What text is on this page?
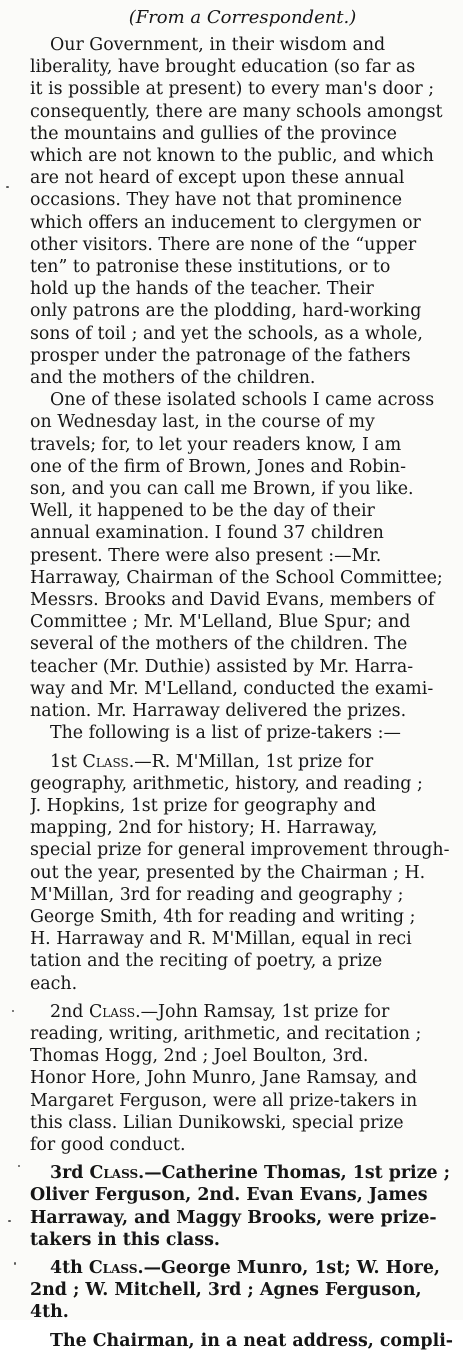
(From a Correspondent.)
Our Government, in their wisdom and
liberality, have brought education (so far as
it is possible at present) to every man's door ;
consequently, there are many schools amongst
the mountains and gullies of the province
which are not known to the public, and which
are not heard of except upon these annual
occasions. They have not that prominence
which offers an inducement to clergymen or
other visitors. There are none of the “upper
ten” to patronise these institutions, or to
hold up the hands of the teacher. Their
only patrons are the plodding, hard-working
sons of toil ; and yet the schools, as a whole,
prosper under the patronage of the fathers
and the mothers of the children.
One of these isolated schools I came across
on Wednesday last, in the course of my
travels; for, to let your readers know, I am
one of the firm of Brown, Jones and Robin-
son, and you can call me Brown, if you like.
Well, it happened to be the day of their
annual examination. I found 37 children
present. There were also present :—Mr.
Harraway, Chairman of the School Committee;
Messrs. Brooks and David Evans, members of
Committee ; Mr. M'Lelland, Blue Spur; and
several of the mothers of the children. The
teacher (Mr. Duthie) assisted by Mr. Harra-
way and Mr. M'Lelland, conducted the exami-
nation. Mr. Harraway delivered the prizes.
The following is a list of prize-takers :—
1st Class.—R. M'Millan, 1st prize for
geography, arithmetic, history, and reading ;
J. Hopkins, 1st prize for geography and
mapping, 2nd for history; H. Harraway,
special prize for general improvement through-
out the year, presented by the Chairman ; H.
M'Millan, 3rd for reading and geography ;
George Smith, 4th for reading and writing ;
H. Harraway and R. M'Millan, equal in reci
tation and the reciting of poetry, a prize
each.
2nd Class.—John Ramsay, 1st prize for
reading, writing, arithmetic, and recitation ;
Thomas Hogg, 2nd ; Joel Boulton, 3rd.
Honor Hore, John Munro, Jane Ramsay, and
Margaret Ferguson, were all prize-takers in
this class. Lilian Dunikowski, special prize
for good conduct.
3rd Class.—Catherine Thomas, 1st prize ;
Oliver Ferguson, 2nd. Evan Evans, James
Harraway, and Maggy Brooks, were prize-
takers in this class.
4th Class.—George Munro, 1st; W. Hore,
2nd ; W. Mitchell, 3rd ; Agnes Ferguson,
4th.
The Chairman, in a neat address, compli-
